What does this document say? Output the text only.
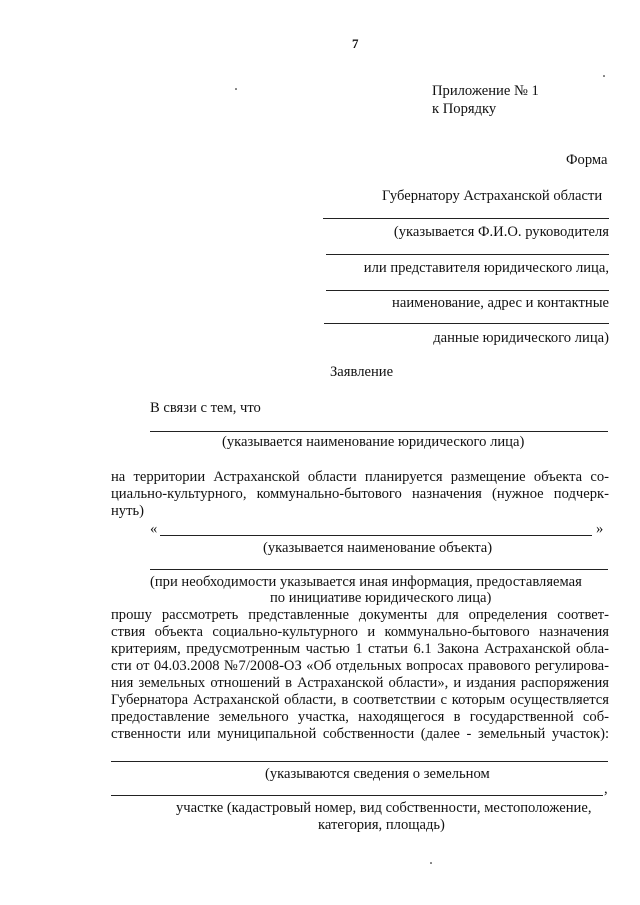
7
Приложение № 1
к Порядку
Форма
Губернатору Астраханской области
(указывается Ф.И.О. руководителя
или представителя юридического лица,
наименование, адрес и контактные
данные юридического лица)
Заявление
В связи с тем, что
(указывается наименование юридического лица)
на территории Астраханской области планируется размещение объекта со-
циально-культурного, коммунально-бытового назначения (нужное подчерк-
нуть)
«	»
(указывается наименование объекта)
(при необходимости указывается иная информация, предоставляемая
по инициативе юридического лица)
прошу рассмотреть представленные документы для определения соответ-
ствия объекта социально-культурного и коммунально-бытового назначения
критериям, предусмотренным частью 1 статьи 6.1 Закона Астраханской обла-
сти от 04.03.2008 №7/2008-ОЗ «Об отдельных вопросах правового регулирова-
ния земельных отношений в Астраханской области», и издания распоряжения
Губернатора Астраханской области, в соответствии с которым осуществляется
предоставление земельного участка, находящегося в государственной соб-
ственности или муниципальной собственности (далее - земельный участок):
(указываются сведения о земельном
,
участке (кадастровый номер, вид собственности, местоположение,
категория, площадь)
